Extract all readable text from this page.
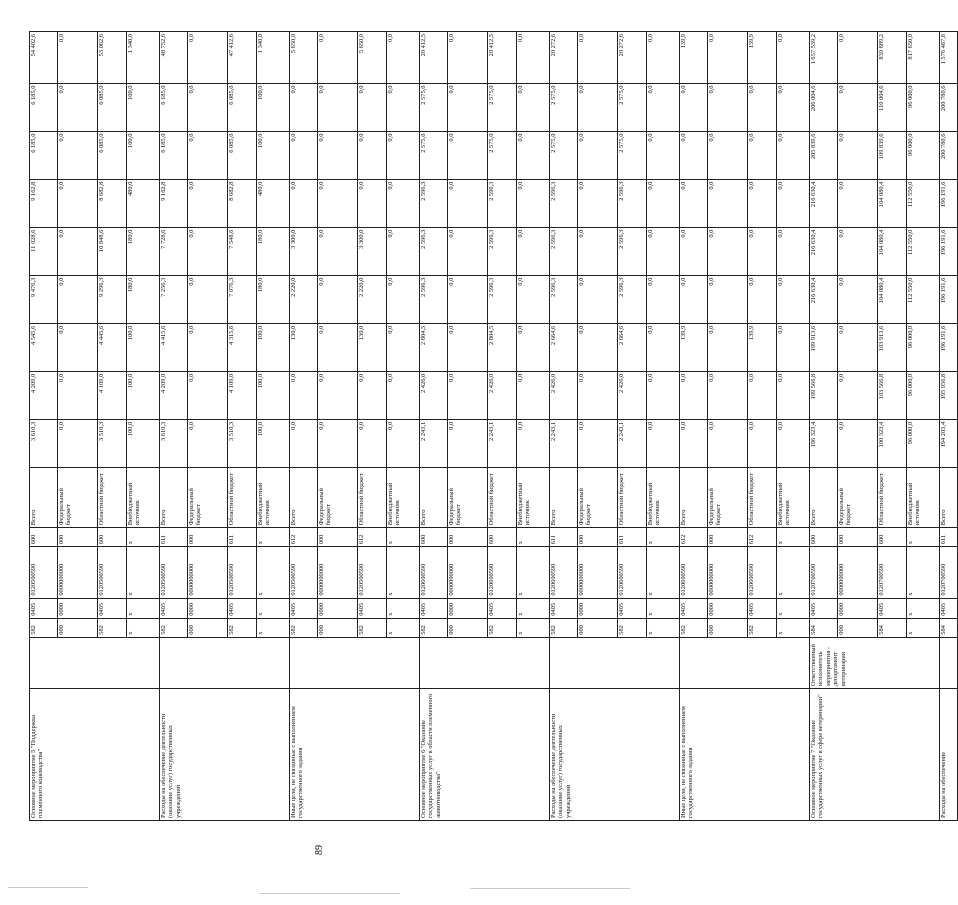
89
Основное мероприятие 5 "Поддержка племенного коневодства"		582	0405	0120500590	600	Всего	3 610,3	4 209,0	4 545,6	9 476,3	11 028,6	9 162,8	6 185,0	6 185,0	54 402,6
		000	0000	0000000000	000	Федеральный бюджет	0,0	0,0	0,0	0,0	0,0	0,0	0,0	0,0	0,0
		582	0405	0120500590	600	Областной бюджет	3 510,3	4 109,0	4 445,6	9 296,3	10 848,6	8 682,8	6 085,0	6 085,0	53 062,6
		x	x	x	x	Внебюджетный источник	100,0	100,0	100,0	180,0	180,0	480,0	100,0	100,0	1 340,0
Расходы на обеспечение деятельности (оказание услуг) государственных учреждений		582	0405	0120500590	611	Всего	3 610,3	4 209,0	4 415,6	7 256,3	7 728,6	9 162,8	6 185,0	6 185,0	48 752,6
		000	0000	0000000000	000	Федеральный бюджет	0,0	0,0	0,0	0,0	0,0	0,0	0,0	0,0	0,0
		582	0405	0120500590	611	Областной бюджет	3 510,3	4 109,0	4 315,6	7 076,3	7 548,6	8 682,8	6 085,0	6 085,0	47 412,6
		x	x	x	x	Внебюджетный источник	100,0	100,0	100,0	180,0	180,0	480,0	100,0	100,0	1 340,0
Иные цели, не связанные с выполнением государственного задания		582	0405	0120500590	612	Всего	0,0	0,0	130,0	2 220,0	3 300,0	0,0	0,0	0,0	5 650,0
		000	0000	0000000000	000	Федеральный бюджет	0,0	0,0	0,0	0,0	0,0	0,0	0,0	0,0	0,0
		582	0405	0120500590	612	Областной бюджет	0,0	0,0	130,0	2 220,0	3 300,0	0,0	0,0	0,0	5 650,0
		x	x	x	x	Внебюджетный источник	0,0	0,0	0,0	0,0	0,0	0,0	0,0	0,0	0,0
Основное мероприятие 6 "Оказание государственных услуг в области племенного животноводства"		582	0405	0120600590	600	Всего	2 243,1	2 426,0	2 804,5	2 596,3	2 596,3	2 596,3	2 575,0	2 575,0	20 412,5
		000	0000	0000000000	000	Федеральный бюджет	0,0	0,0	0,0	0,0	0,0	0,0	0,0	0,0	0,0
		582	0405	0120600590	600	Областной бюджет	2 243,1	2 426,0	2 804,5	2 596,3	2 596,3	2 596,3	2 575,0	2 575,0	20 412,5
		x	x	x	x	Внебюджетный источник	0,0	0,0	0,0	0,0	0,0	0,0	0,0	0,0	0,0
Расходы на обеспечение деятельности (оказание услуг) государственных учреждений		582	0405	0120600590	611	Всего	2 243,1	2 426,0	2 664,6	2 596,3	2 596,3	2 596,3	2 575,0	2 575,0	20 272,6
		000	0000	0000000000	000	Федеральный бюджет	0,0	0,0	0,0	0,0	0,0	0,0	0,0	0,0	0,0
		582	0405	0120600590	611	Областной бюджет	2 243,1	2 426,0	2 664,6	2 596,3	2 596,3	2 596,3	2 575,0	2 575,0	20 272,6
		x	x	x	x	Внебюджетный источник	0,0	0,0	0,0	0,0	0,0	0,0	0,0	0,0	0,0
Иные цели, не связанные с выполнением государственного задания		582	0405	0120600590	612	Всего	0,0	0,0	139,9	0,0	0,0	0,0	0,0	0,0	139,9
		000	0000	0000000000	000	Федеральный бюджет	0,0	0,0	0,0	0,0	0,0	0,0	0,0	0,0	0,0
		582	0405	0120600590	612	Областной бюджет	0,0	0,0	139,9	0,0	0,0	0,0	0,0	0,0	139,9
		x	x	x	x	Внебюджетный источник	0,0	0,0	0,0	0,0	0,0	0,0	0,0	0,0	0,0
Основное мероприятие 7 "Оказание государственных услуг в сфере ветеринарии"	Ответственный исполнитель мероприятия - департамент ветеринарии	584	0405	0120700590	600	Всего	196 323,4	199 566,8	199 913,6	216 630,4	216 630,4	216 630,4	205 839,6	206 004,6	1 657 539,2
		000	0000	0000000000	000	Федеральный бюджет	0,0	0,0	0,0	0,0	0,0	0,0	0,0	0,0	0,0
		584	0405	0120700590	600	Областной бюджет	100 323,4	103 566,8	103 913,6	104 080,4	104 080,4	104 080,4	109 839,6	110 004,6	839 889,2
		x	x	x	x	Внебюджетный источник	96 000,0	96 000,0	96 000,0	112 550,0	112 550,0	112 550,0	96 000,0	96 000,0	817 650,0
Расходы на обеспечение		584	0405	0120700590	611	Всего	194 203,4	195 956,8	196 191,6	196 191,6	196 191,6	196 191,6	200 780,6	200 780,6	1 576 487,8
